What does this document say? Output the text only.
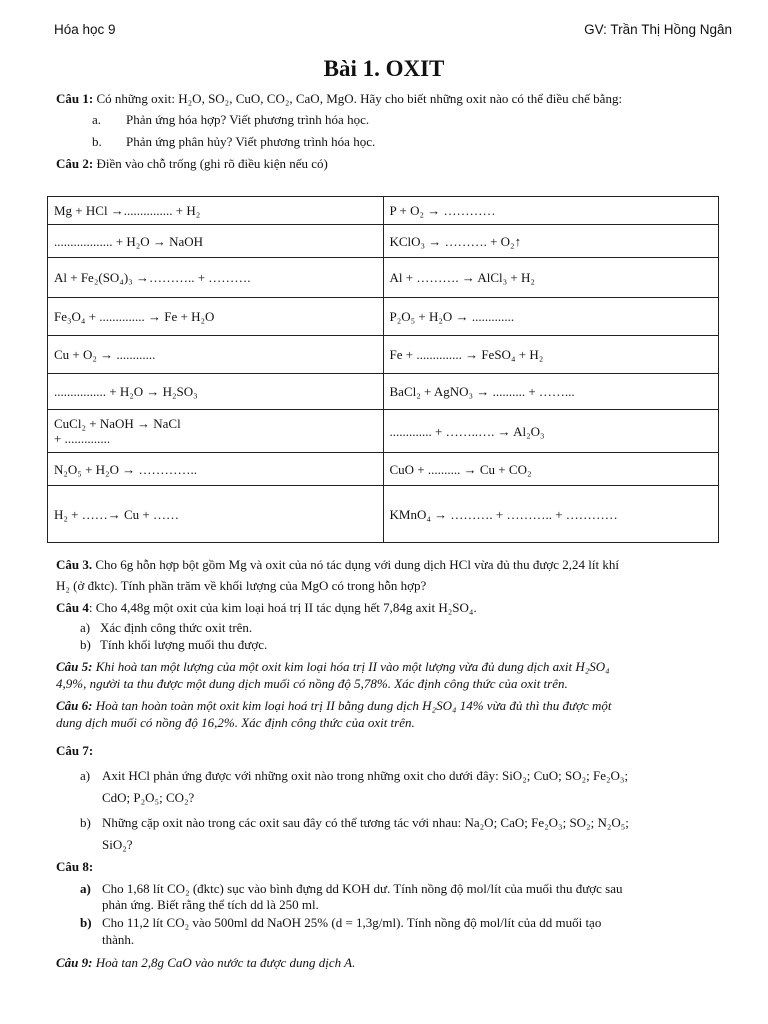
Hóa học 9	GV: Trần Thị Hồng Ngân
Bài 1. OXIT
Câu 1: Có những oxit: H₂O, SO₂, CuO, CO₂, CaO, MgO. Hãy cho biết những oxit nào có thể điều chế bằng:
a. Phản ứng hóa hợp? Viết phương trình hóa học.
b. Phản ứng phân hủy? Viết phương trình hóa học.
Câu 2: Điền vào chỗ trống (ghi rõ điều kiện nếu có)
Mg + HCl →............... + H₂	P + O₂ → …………
.................. + H₂O → NaOH	KClO₃ → ………. + O₂↑
Al + Fe₂(SO₄)₃ →……….. + ……….	Al + ………. → AlCl₃ + H₂
Fe₃O₄ + .............. → Fe + H₂O	P₂O₅ + H₂O → .............
Cu + O₂ → ............	Fe + .............. → FeSO₄ + H₂
................ + H₂O → H₂SO₃	BaCl₂ + AgNO₃ → .......... + ……...
CuCl₂ + NaOH → NaCl
+ ..............	............. + ……..…. → Al₂O₃
N₂O₅ + H₂O → …………..	CuO + .......... → Cu + CO₂
H₂ + ……→ Cu + ……	KMnO₄ → ………. + ……….. + …………
Câu 3. Cho 6g hỗn hợp bột gồm Mg và oxit của nó tác dụng với dung dịch HCl vừa đủ thu được 2,24 lít khí
H₂ (ở đktc). Tính phần trăm về khối lượng của MgO có trong hỗn hợp?
Câu 4: Cho 4,48g một oxit của kim loại hoá trị II tác dụng hết 7,84g axit H₂SO₄.
a) Xác định công thức oxit trên.
b) Tính khối lượng muối thu được.
Câu 5: Khi hoà tan một lượng của một oxit kim loại hóa trị II vào một lượng vừa đủ dung dịch axit H₂SO₄
4,9%, người ta thu được một dung dịch muối có nồng độ 5,78%. Xác định công thức của oxit trên.
Câu 6: Hoà tan hoàn toàn một oxit kim loại hoá trị II bằng dung dịch H₂SO₄ 14% vừa đủ thì thu được một
dung dịch muối có nồng độ 16,2%. Xác định công thức của oxit trên.
Câu 7:
a) Axit HCl phản ứng được với những oxit nào trong những oxit cho dưới đây: SiO₂; CuO; SO₂; Fe₂O₃;
CdO; P₂O₅; CO₂?
b) Những cặp oxit nào trong các oxit sau đây có thể tương tác với nhau: Na₂O; CaO; Fe₂O₃; SO₂; N₂O₅;
SiO₂?
Câu 8:
a) Cho 1,68 lít CO₂ (đktc) sục vào bình đựng dd KOH dư. Tính nồng độ mol/lít của muối thu được sau
phản ứng. Biết rằng thể tích dd là 250 ml.
b) Cho 11,2 lít CO₂ vào 500ml dd NaOH 25% (d = 1,3g/ml). Tính nồng độ mol/lít của dd muối tạo
thành.
Câu 9: Hoà tan 2,8g CaO vào nước ta được dung dịch A.
